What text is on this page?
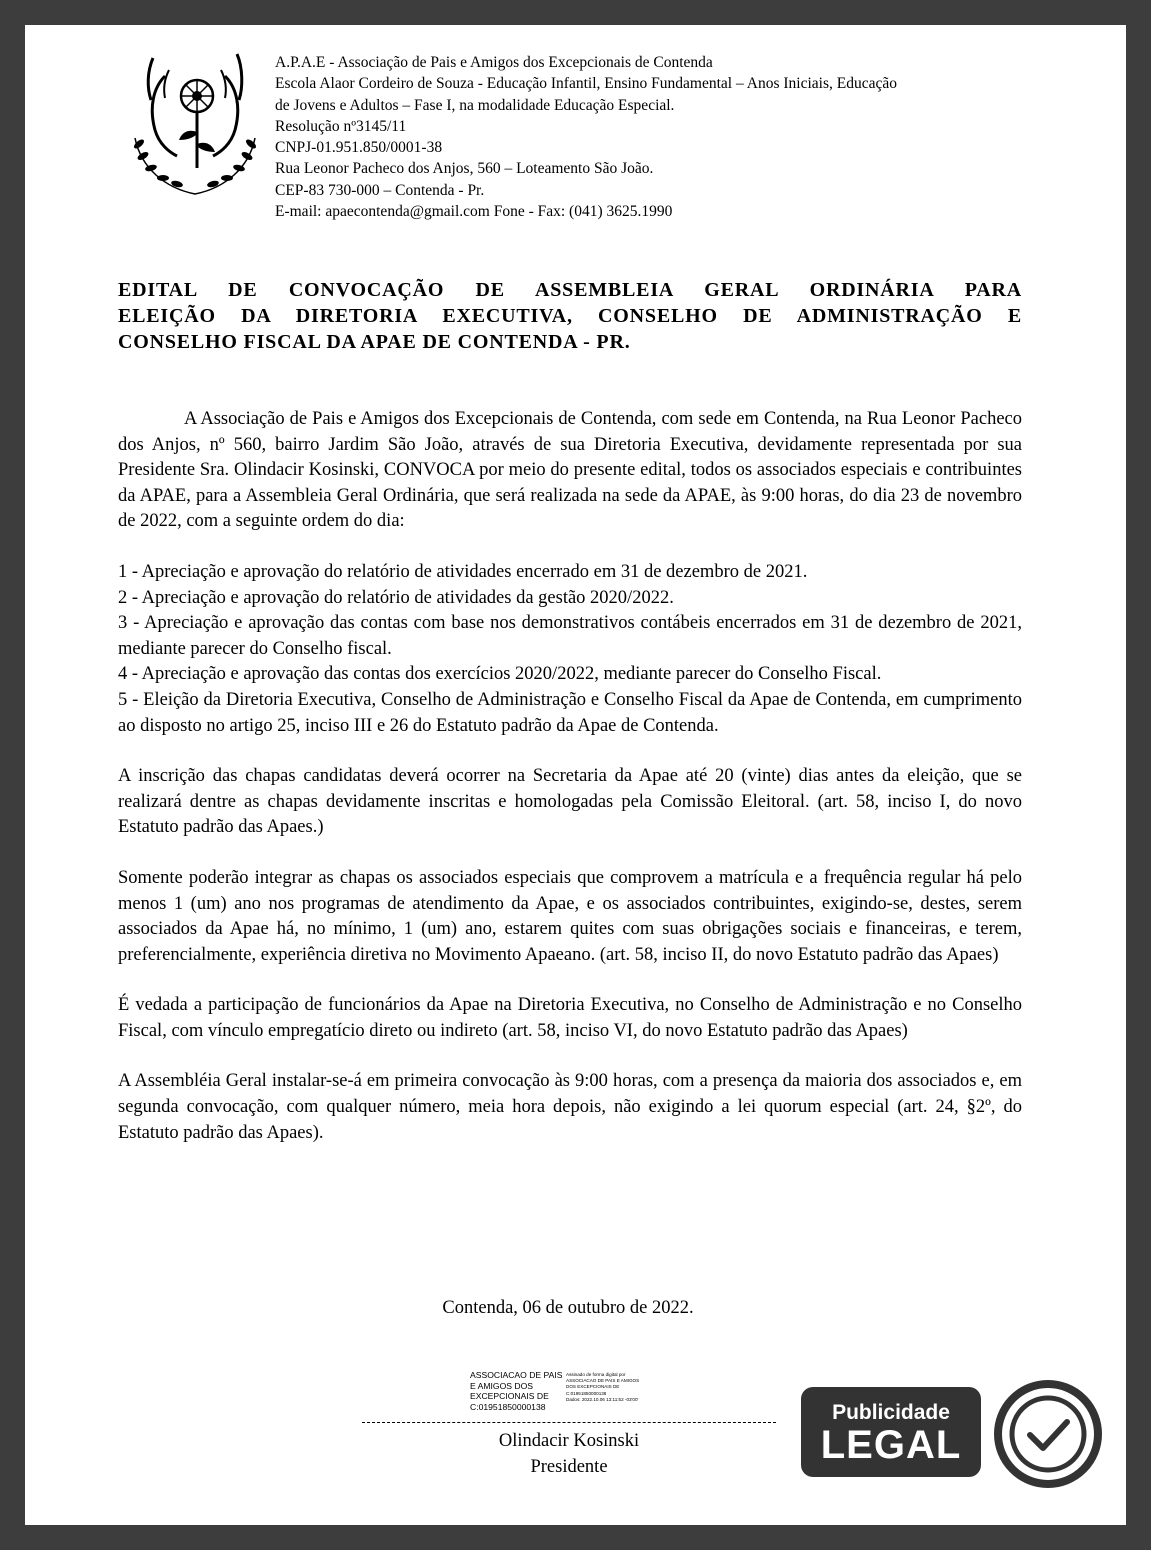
A.P.A.E - Associação de Pais e Amigos dos Excepcionais de Contenda
Escola Alaor Cordeiro de Souza - Educação Infantil, Ensino Fundamental – Anos Iniciais, Educação
de Jovens e Adultos – Fase I, na modalidade Educação Especial.
Resolução nº3145/11
CNPJ-01.951.850/0001-38
Rua Leonor Pacheco dos Anjos, 560 – Loteamento São João.
CEP-83 730-000 – Contenda - Pr.
E-mail: apaecontenda@gmail.com Fone - Fax: (041) 3625.1990
EDITAL DE CONVOCAÇÃO DE ASSEMBLEIA GERAL ORDINÁRIA PARA
ELEIÇÃO DA DIRETORIA EXECUTIVA, CONSELHO DE ADMINISTRAÇÃO E
CONSELHO FISCAL DA APAE DE CONTENDA - PR.

A Associação de Pais e Amigos dos Excepcionais de Contenda, com sede em Contenda, na Rua Leonor Pacheco dos Anjos, nº 560, bairro Jardim São João, através de sua Diretoria Executiva, devidamente representada por sua Presidente Sra. Olindacir Kosinski, CONVOCA por meio do presente edital, todos os associados especiais e contribuintes da APAE, para a Assembleia Geral Ordinária, que será realizada na sede da APAE, às 9:00 horas, do dia 23 de novembro de 2022, com a seguinte ordem do dia:

1 - Apreciação e aprovação do relatório de atividades encerrado em 31 de dezembro de 2021.

2 - Apreciação e aprovação do relatório de atividades da gestão 2020/2022.

3 - Apreciação e aprovação das contas com base nos demonstrativos contábeis encerrados em 31 de dezembro de 2021, mediante parecer do Conselho fiscal.

4 - Apreciação e aprovação das contas dos exercícios 2020/2022, mediante parecer do Conselho Fiscal.

5 - Eleição da Diretoria Executiva, Conselho de Administração e Conselho Fiscal da Apae de Contenda, em cumprimento ao disposto no artigo 25, inciso III e 26 do Estatuto padrão da Apae de Contenda.

A inscrição das chapas candidatas deverá ocorrer na Secretaria da Apae até 20 (vinte) dias antes da eleição, que se realizará dentre as chapas devidamente inscritas e homologadas pela Comissão Eleitoral. (art. 58, inciso I, do novo Estatuto padrão das Apaes.)

Somente poderão integrar as chapas os associados especiais que comprovem a matrícula e a frequência regular há pelo menos 1 (um) ano nos programas de atendimento da Apae, e os associados contribuintes, exigindo-se, destes, serem associados da Apae há, no mínimo, 1 (um) ano, estarem quites com suas obrigações sociais e financeiras, e terem, preferencialmente, experiência diretiva no Movimento Apaeano. (art. 58, inciso II, do novo Estatuto padrão das Apaes)

É vedada a participação de funcionários da Apae na Diretoria Executiva, no Conselho de Administração e no Conselho Fiscal, com vínculo empregatício direto ou indireto (art. 58, inciso VI, do novo Estatuto padrão das Apaes)

A Assembléia Geral instalar-se-á em primeira convocação às 9:00 horas, com a presença da maioria dos associados e, em segunda convocação, com qualquer número, meia hora depois, não exigindo a lei quorum especial (art. 24, §2º, do Estatuto padrão das Apaes).

Contenda, 06 de outubro de 2022.
ASSOCIACAO DE PAIS
E AMIGOS DOS
EXCEPCIONAIS DE
C:01951850000138
Assinado de forma digital por
ASSOCIACAO DE PAIS E AMIGOS
DOS EXCEPCIONAIS DE
C:01951850000138
Dados: 2022.10.06 13:11:52 -03'00'
Olindacir Kosinski
Presidente
Publicidade
LEGAL
